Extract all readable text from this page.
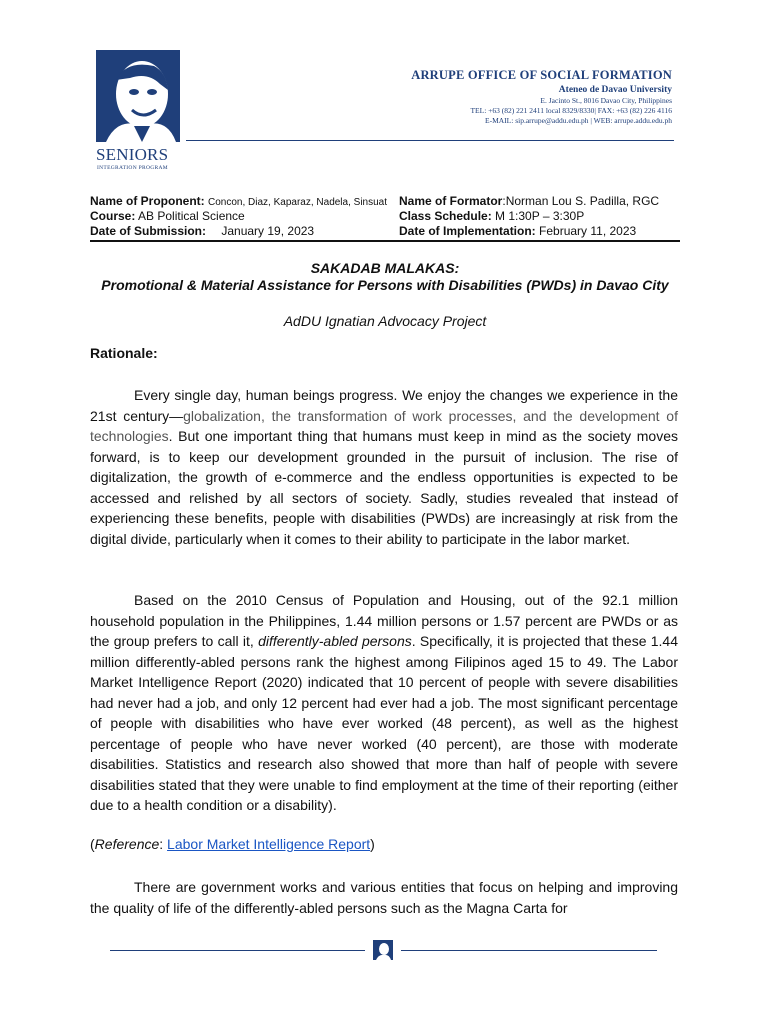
SENIORS
INTEGRATION PROGRAM
ARRUPE OFFICE OF SOCIAL FORMATION
Ateneo de Davao University
E. Jacinto St., 8016 Davao City, Philippines
TEL: +63 (82) 221 2411 local 8329/8330| FAX: +63 (82) 226 4116
E-MAIL: sip.arrupe@addu.edu.ph | WEB: arrupe.addu.edu.ph
Name of Proponent: Concon, Diaz, Kaparaz, Nadela, Sinsuat Name of Formator:Norman Lou S. Padilla, RGC
Course: AB Political Science	Class Schedule: M 1:30P – 3:30P
Date of Submission: January 19, 2023	Date of Implementation: February 11, 2023
SAKADAB MALAKAS:
Promotional & Material Assistance for Persons with Disabilities (PWDs) in Davao City
AdDU Ignatian Advocacy Project
Rationale:

Every single day, human beings progress. We enjoy the changes we experience in the 21st century—globalization, the transformation of work processes, and the development of technologies. But one important thing that humans must keep in mind as the society moves forward, is to keep our development grounded in the pursuit of inclusion. The rise of digitalization, the growth of e-commerce and the endless opportunities is expected to be accessed and relished by all sectors of society. Sadly, studies revealed that instead of experiencing these benefits, people with disabilities (PWDs) are increasingly at risk from the digital divide, particularly when it comes to their ability to participate in the labor market.

Based on the 2010 Census of Population and Housing, out of the 92.1 million household population in the Philippines, 1.44 million persons or 1.57 percent are PWDs or as the group prefers to call it, differently-abled persons. Specifically, it is projected that these 1.44 million differently-abled persons rank the highest among Filipinos aged 15 to 49. The Labor Market Intelligence Report (2020) indicated that 10 percent of people with severe disabilities had never had a job, and only 12 percent had ever had a job. The most significant percentage of people with disabilities who have ever worked (48 percent), as well as the highest percentage of people who have never worked (40 percent), are those with moderate disabilities. Statistics and research also showed that more than half of people with severe disabilities stated that they were unable to find employment at the time of their reporting (either due to a health condition or a disability).

(Reference: Labor Market Intelligence Report)

There are government works and various entities that focus on helping and improving the quality of life of the differently-abled persons such as the Magna Carta for
